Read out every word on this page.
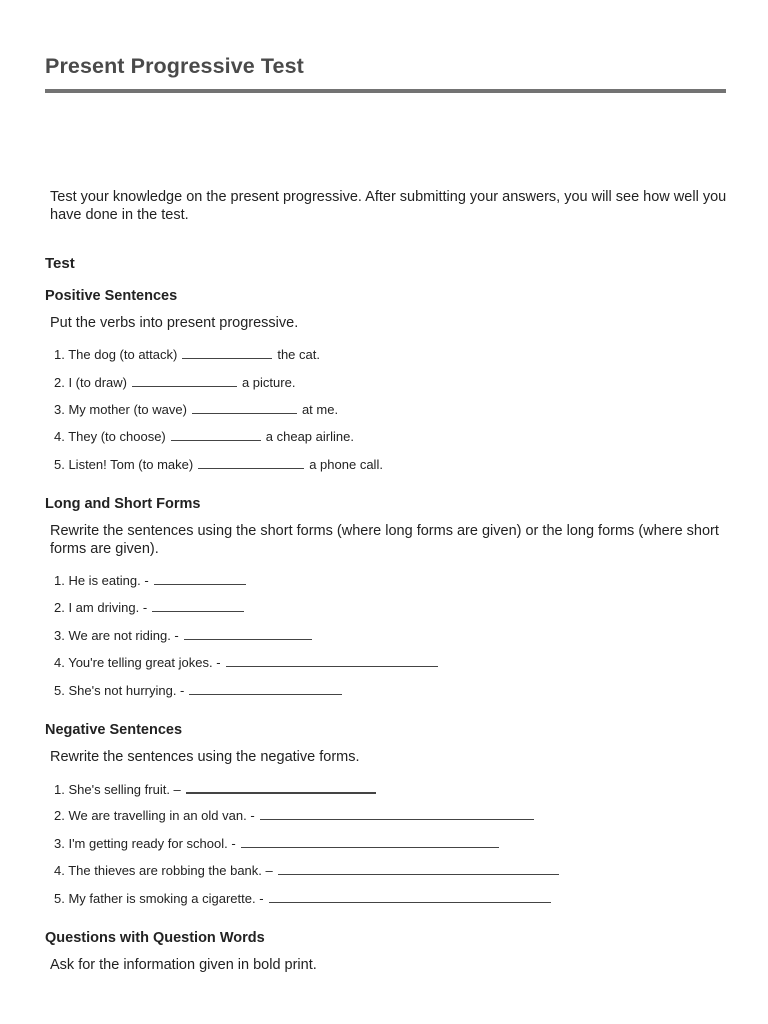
Present Progressive Test
Test your knowledge on the present progressive. After submitting your answers, you will see how well you have done in the test.
Test
Positive Sentences
Put the verbs into present progressive.
1. The dog (to attack)	the cat.
2. I (to draw)	a picture.
3. My mother (to wave)	at me.
4. They (to choose)	a cheap airline.
5. Listen! Tom (to make)	a phone call.
Long and Short Forms
Rewrite the sentences using the short forms (where long forms are given) or the long forms (where short forms are given).
1. He is eating. -
2. I am driving. -
3. We are not riding. -
4. You're telling great jokes. -
5. She's not hurrying. -
Negative Sentences
Rewrite the sentences using the negative forms.
1. She's selling fruit. –
2. We are travelling in an old van. -
3. I'm getting ready for school. -
4. The thieves are robbing the bank. –
5. My father is smoking a cigarette. -
Questions with Question Words
Ask for the information given in bold print.
